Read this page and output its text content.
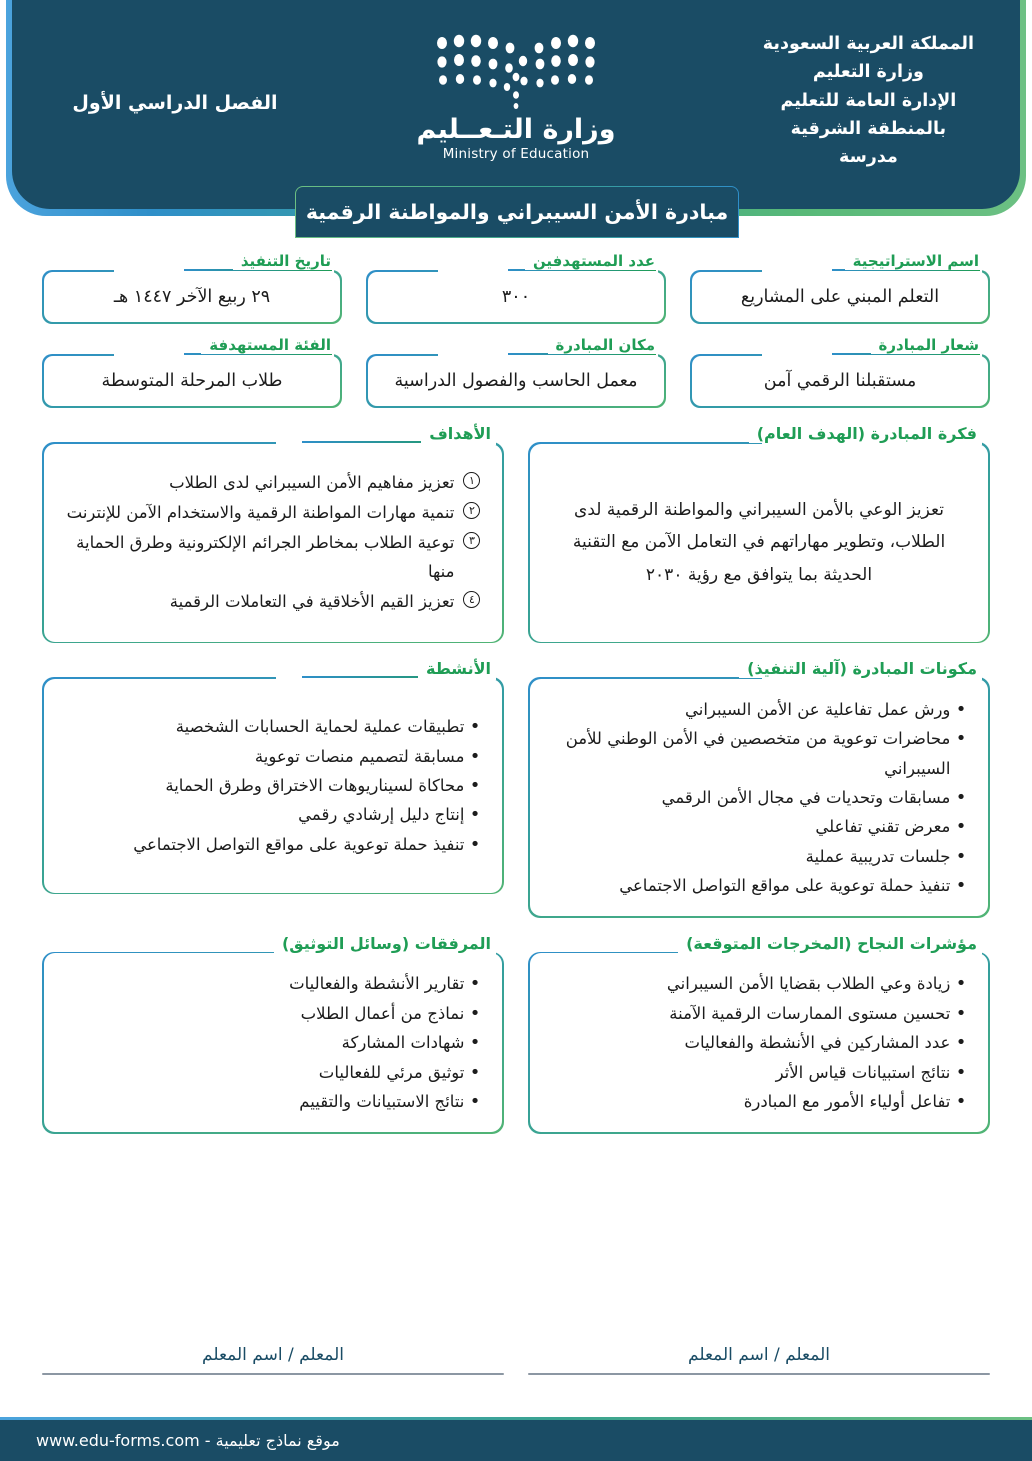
المملكة العربية السعودية
وزارة التعليم
الإدارة العامة للتعليم
بالمنطقة الشرقية
مدرسة
الفصل الدراسي الأول
وزارة التـعــليم
Ministry of Education
مبادرة الأمن السيبراني والمواطنة الرقمية
اسم الاستراتيجية
التعلم المبني على المشاريع
عدد المستهدفين
٣٠٠
تاريخ التنفيذ
٢٩ ربيع الآخر ١٤٤٧ هـ
شعار المبادرة
مستقبلنا الرقمي آمن
مكان المبادرة
معمل الحاسب والفصول الدراسية
الفئة المستهدفة
طلاب المرحلة المتوسطة
فكرة المبادرة (الهدف العام)
تعزيز الوعي بالأمن السيبراني والمواطنة الرقمية لدى الطلاب، وتطوير مهاراتهم في التعامل الآمن مع التقنية الحديثة بما يتوافق مع رؤية ٢٠٣٠
الأهداف
١
تعزيز مفاهيم الأمن السيبراني لدى الطلاب
٢
تنمية مهارات المواطنة الرقمية والاستخدام الآمن للإنترنت
٣
توعية الطلاب بمخاطر الجرائم الإلكترونية وطرق الحماية منها
٤
تعزيز القيم الأخلاقية في التعاملات الرقمية
مكونات المبادرة (آلية التنفيذ)
• ورش عمل تفاعلية عن الأمن السيبراني
• محاضرات توعوية من متخصصين في الأمن الوطني للأمن السيبراني
• مسابقات وتحديات في مجال الأمن الرقمي
• معرض تقني تفاعلي
• جلسات تدريبية عملية
• تنفيذ حملة توعوية على مواقع التواصل الاجتماعي
الأنشطة
• تطبيقات عملية لحماية الحسابات الشخصية
• مسابقة لتصميم منصات توعوية
• محاكاة لسيناريوهات الاختراق وطرق الحماية
• إنتاج دليل إرشادي رقمي
• تنفيذ حملة توعوية على مواقع التواصل الاجتماعي
مؤشرات النجاح (المخرجات المتوقعة)
• زيادة وعي الطلاب بقضايا الأمن السيبراني
• تحسين مستوى الممارسات الرقمية الآمنة
• عدد المشاركين في الأنشطة والفعاليات
• نتائج استبيانات قياس الأثر
• تفاعل أولياء الأمور مع المبادرة
المرفقات (وسائل التوثيق)
• تقارير الأنشطة والفعاليات
• نماذج من أعمال الطلاب
• شهادات المشاركة
• توثيق مرئي للفعاليات
• نتائج الاستبيانات والتقييم
المعلم / اسم المعلم
المعلم / اسم المعلم
موقع نماذج تعليمية - www.edu-forms.com
